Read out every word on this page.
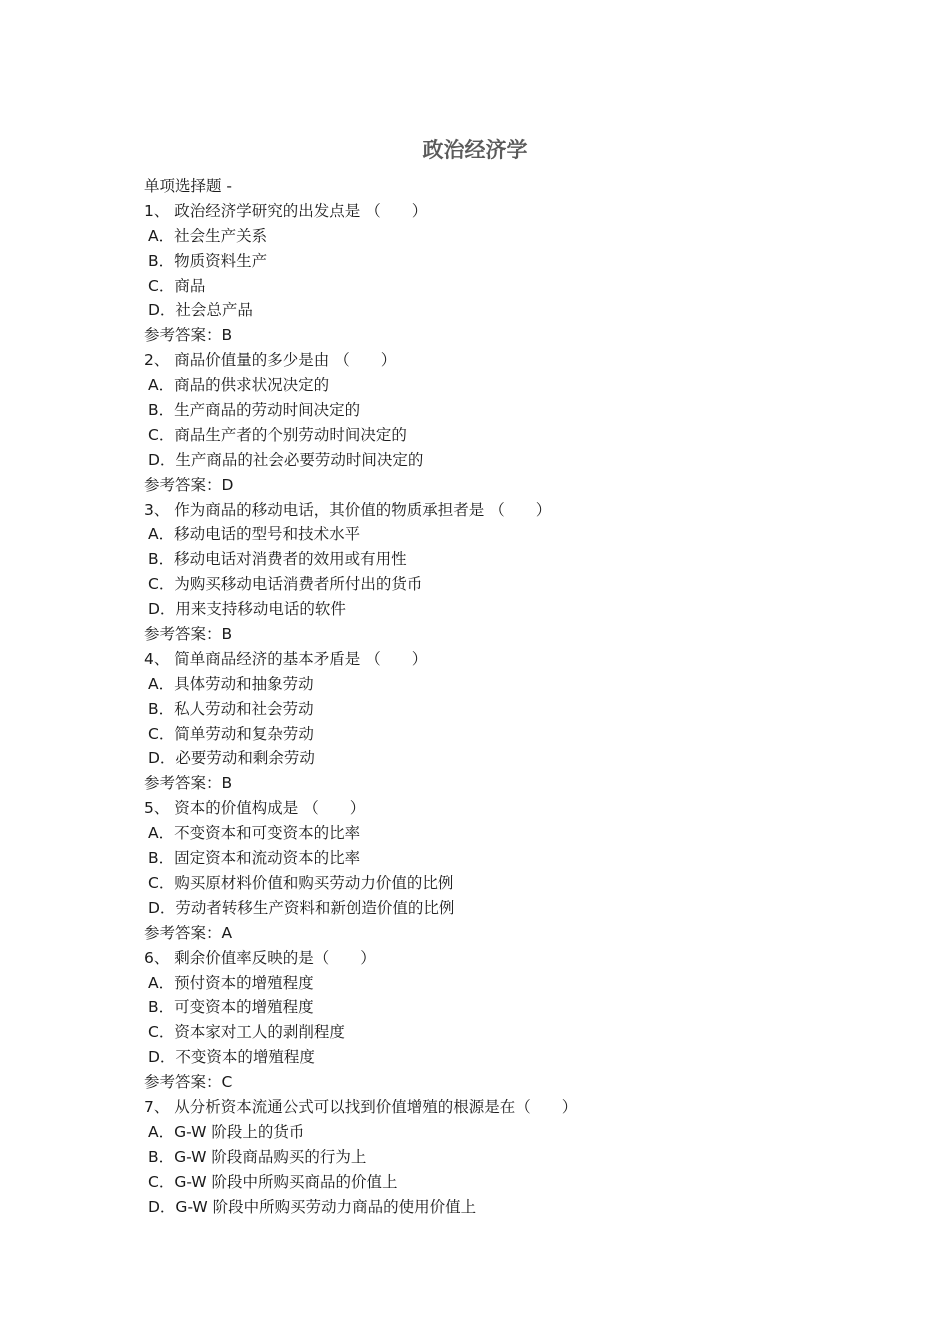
政治经济学
单项选择题 -
1、 政治经济学研究的出发点是 （　　）
A．社会生产关系
B．物质资料生产
C．商品
D．社会总产品
参考答案：B
2、 商品价值量的多少是由 （　　）
A．商品的供求状况决定的
B．生产商品的劳动时间决定的
C．商品生产者的个别劳动时间决定的
D．生产商品的社会必要劳动时间决定的
参考答案：D
3、 作为商品的移动电话，其价值的物质承担者是 （　　）
A．移动电话的型号和技术水平
B．移动电话对消费者的效用或有用性
C．为购买移动电话消费者所付出的货币
D．用来支持移动电话的软件
参考答案：B
4、 简单商品经济的基本矛盾是 （　　）
A．具体劳动和抽象劳动
B．私人劳动和社会劳动
C．简单劳动和复杂劳动
D．必要劳动和剩余劳动
参考答案：B
5、 资本的价值构成是 （　　）
A．不变资本和可变资本的比率
B．固定资本和流动资本的比率
C．购买原材料价值和购买劳动力价值的比例
D．劳动者转移生产资料和新创造价值的比例
参考答案：A
6、 剩余价值率反映的是（　　）
A．预付资本的增殖程度
B．可变资本的增殖程度
C．资本家对工人的剥削程度
D．不变资本的增殖程度
参考答案：C
7、 从分析资本流通公式可以找到价值增殖的根源是在（　　）
A．G-W 阶段上的货币
B．G-W 阶段商品购买的行为上
C．G-W 阶段中所购买商品的价值上
D．G-W 阶段中所购买劳动力商品的使用价值上
